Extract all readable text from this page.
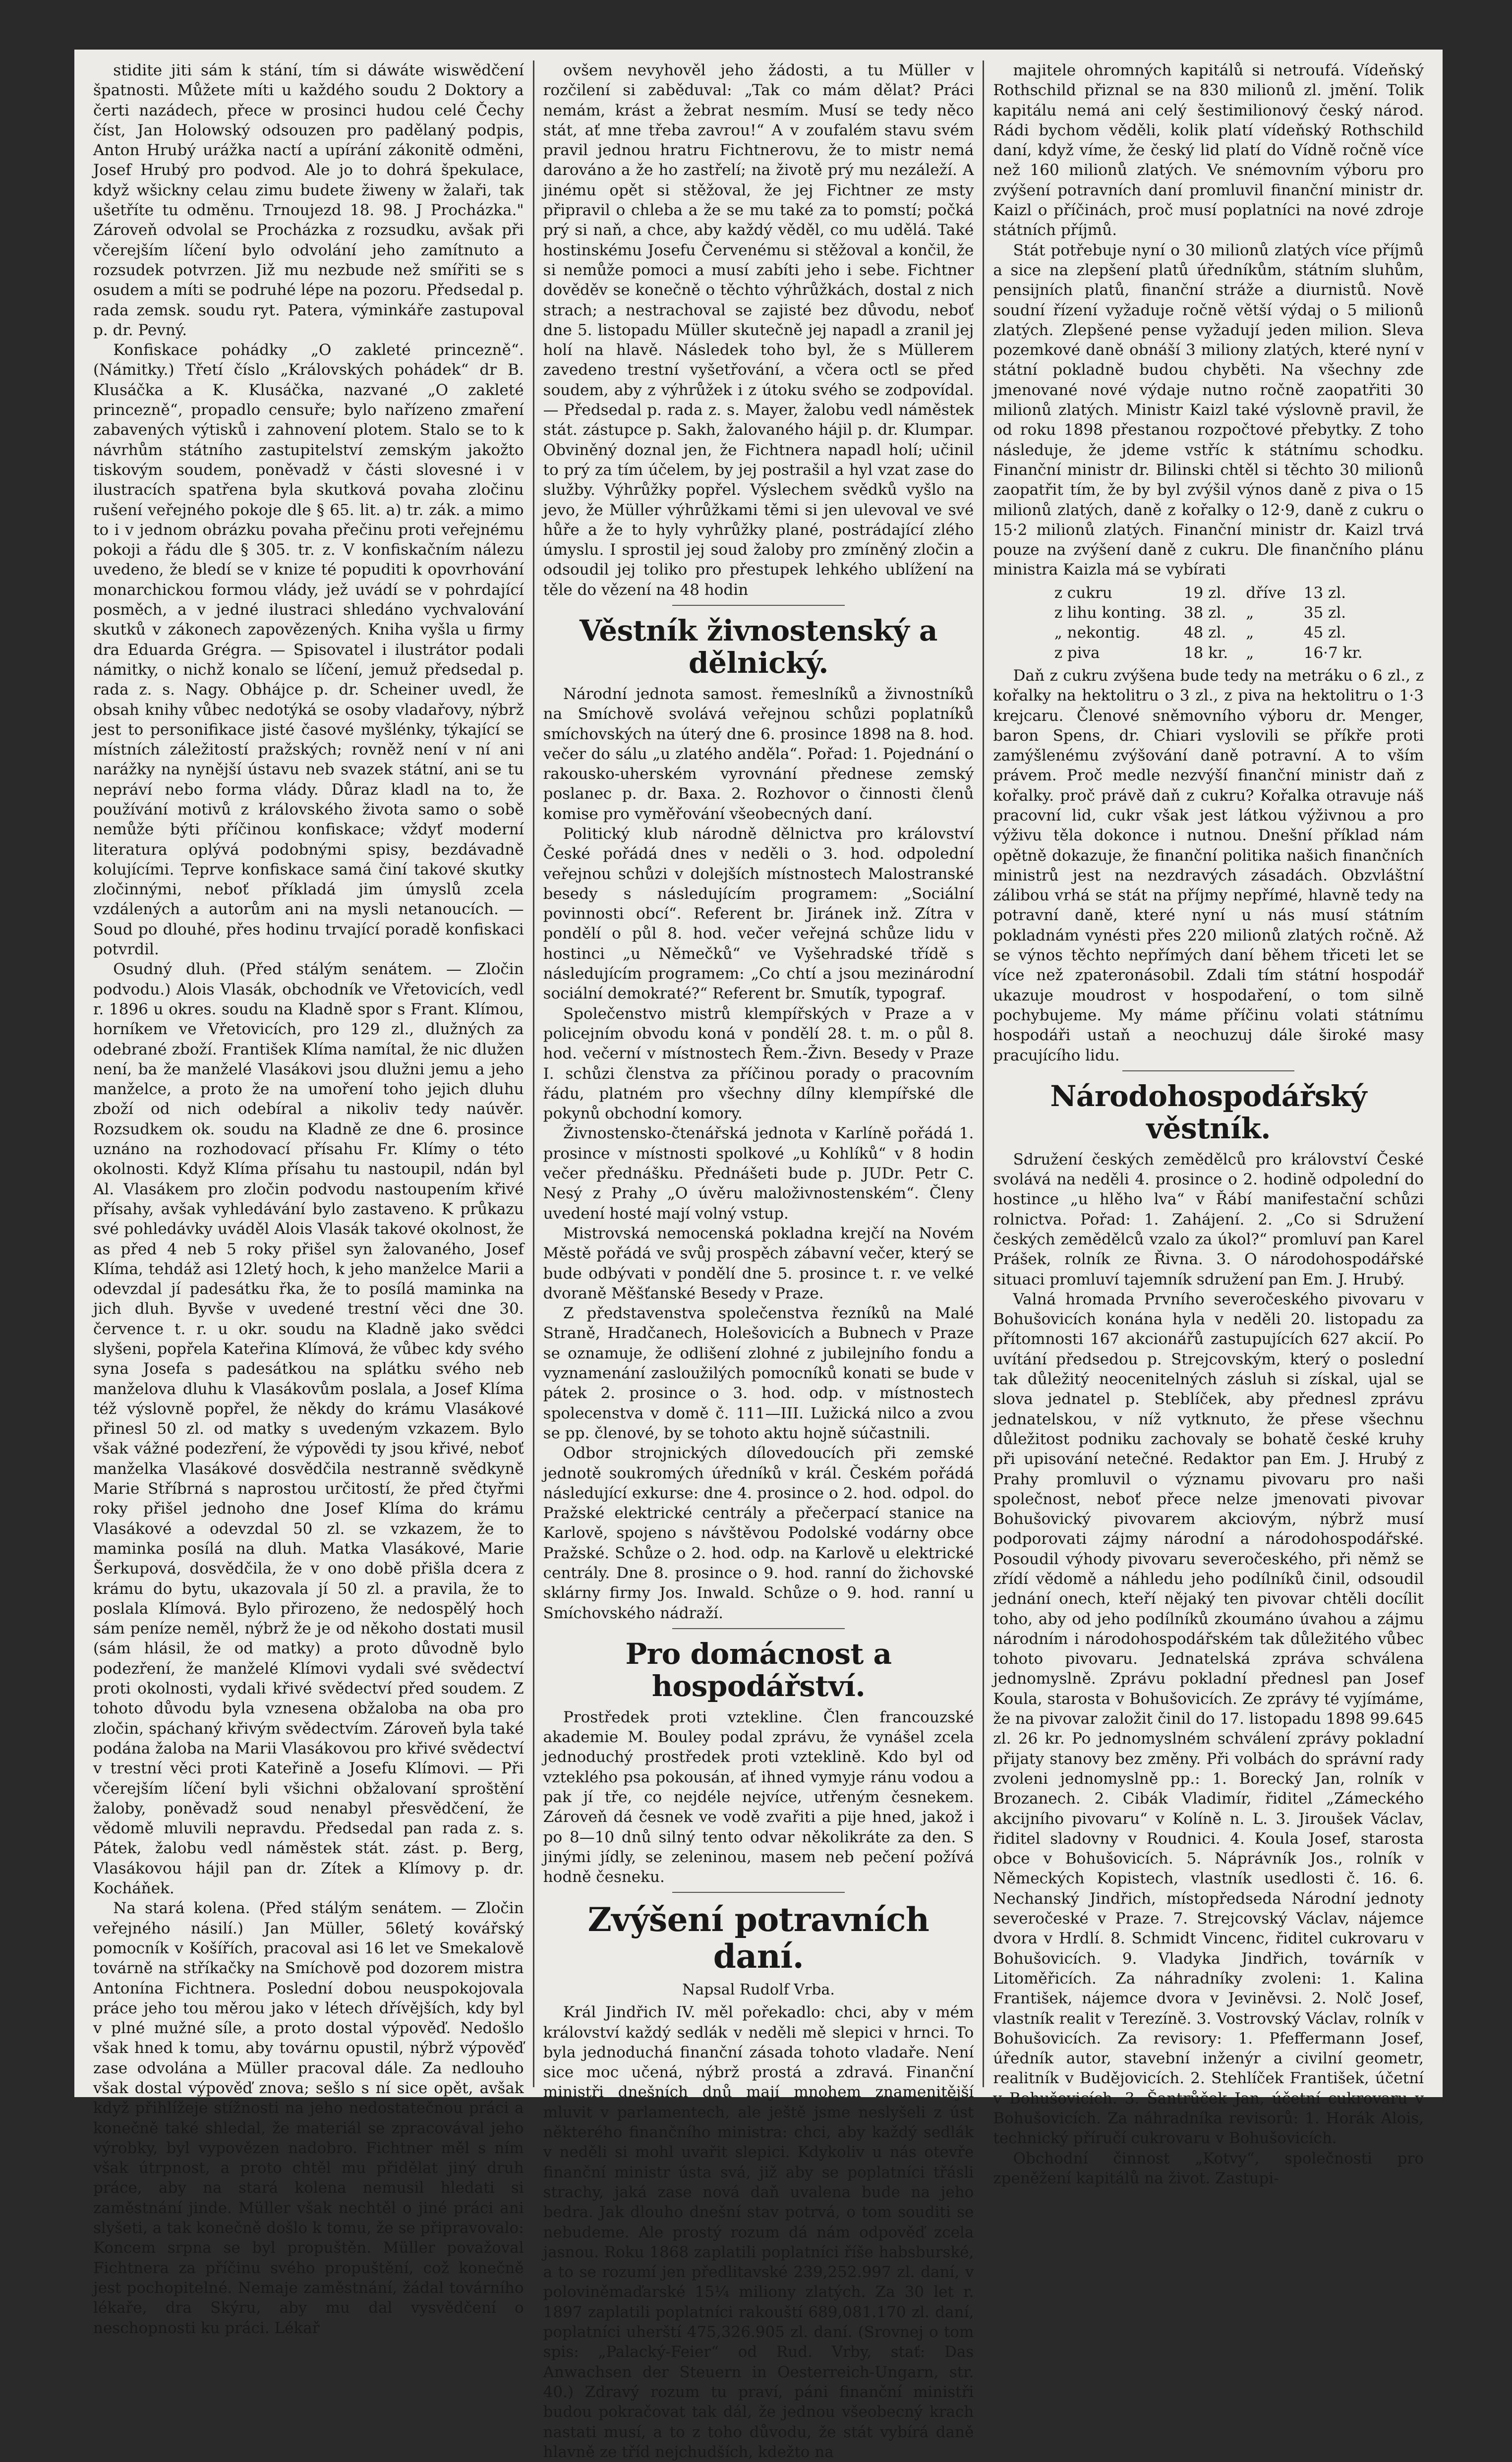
stidite jiti sám k stání, tím si dáwáte wiswědčení špatnosti. Můžete míti u každého soudu 2 Doktory a čerti nazádech, přece w prosinci hudou celé Čechy číst, Jan Holowský odsouzen pro padělaný podpis, Anton Hrubý urážka nactí a upírání zákonitě odměni, Josef Hrubý pro podvod. Ale jo to dohrá špekulace, když wšickny celau zimu budete žiweny w žalaři, tak ušetříte tu odměnu. Trnoujezd 18. 98. J Procházka." Zároveň odvolal se Procházka z rozsudku, avšak při včerejším líčení bylo odvolání jeho zamítnuto a rozsudek potvrzen. Již mu nezbude než smířiti se s osudem a míti se podruhé lépe na pozoru. Předsedal p. rada zemsk. soudu ryt. Patera, výminkáře zastupoval p. dr. Pevný.

Konfiskace pohádky „O zakleté princezně“. (Námitky.) Třetí číslo „Královských pohádek“ dr B. Klusáčka a K. Klusáčka, nazvané „O zakleté princezně“, propadlo censuře; bylo nařízeno zmaření zabavených výtisků i zahnovení plotem. Stalo se to k návrhům státního zastupitelství zemským jakožto tiskovým soudem, poněvadž v části slovesné i v ilustracích spatřena byla skutková povaha zločinu rušení veřejného pokoje dle § 65. lit. a) tr. zák. a mimo to i v jednom obrázku povaha přečinu proti veřejnému pokoji a řádu dle § 305. tr. z. V konfiskačním nálezu uvedeno, že bledí se v knize té popuditi k opovrhování monarchickou formou vlády, jež uvádí se v pohrdající posměch, a v jedné ilustraci shledáno vychvalování skutků v zákonech zapovězených. Kniha vyšla u firmy dra Eduarda Grégra. — Spisovatel i ilustrátor podali námitky, o nichž konalo se líčení, jemuž předsedal p. rada z. s. Nagy. Obhájce p. dr. Scheiner uvedl, že obsah knihy vůbec nedotýká se osoby vladařovy, nýbrž jest to personifikace jisté časové myšlénky, týkající se místních záležitostí pražských; rovněž není v ní ani narážky na nynější ústavu neb svazek státní, ani se tu nepráví nebo forma vlády. Důraz kladl na to, že používání motivů z královského života samo o sobě nemůže býti příčinou konfiskace; vždyť moderní literatura oplývá podobnými spisy, bezdávadně kolujícími. Teprve konfiskace samá činí takové skutky zločinnými, neboť příkladá jim úmyslů zcela vzdálených a autorům ani na mysli netanoucích. — Soud po dlouhé, přes hodinu trvající poradě konfiskaci potvrdil.

Osudný dluh. (Před stálým senátem. — Zločin podvodu.) Alois Vlasák, obchodník ve Vřetovicích, vedl r. 1896 u okres. soudu na Kladně spor s Frant. Klímou, horníkem ve Vřetovicích, pro 129 zl., dlužných za odebrané zboží. František Klíma namítal, že nic dlužen není, ba že manželé Vlasákovi jsou dlužni jemu a jeho manželce, a proto že na umoření toho jejich dluhu zboží od nich odebíral a nikoliv tedy naúvěr. Rozsudkem ok. soudu na Kladně ze dne 6. prosince uznáno na rozhodovací přísahu Fr. Klímy o této okolnosti. Když Klíma přísahu tu nastoupil, ndán byl Al. Vlasákem pro zločin podvodu nastoupením křivé přísahy, avšak vyhledávání bylo zastaveno. K průkazu své pohledávky uváděl Alois Vlasák takové okolnost, že as před 4 neb 5 roky přišel syn žalovaného, Josef Klíma, tehdáž asi 12letý hoch, k jeho manželce Marii a odevzdal jí padesátku řka, že to posílá maminka na jich dluh. Byvše v uvedené trestní věci dne 30. července t. r. u okr. soudu na Kladně jako svědci slyšeni, popřela Kateřina Klímová, že vůbec kdy svého syna Josefa s padesátkou na splátku svého neb manželova dluhu k Vlasákovům poslala, a Josef Klíma též výslovně popřel, že někdy do krámu Vlasákové přinesl 50 zl. od matky s uvedeným vzkazem. Bylo však vážné podezření, že výpovědi ty jsou křivé, neboť manželka Vlasákové dosvědčila nestranně svědkyně Marie Stříbrná s naprostou určitostí, že před čtyřmi roky přišel jednoho dne Josef Klíma do krámu Vlasákové a odevzdal 50 zl. se vzkazem, že to maminka posílá na dluh. Matka Vlasákové, Marie Šerkupová, dosvědčila, že v ono době přišla dcera z krámu do bytu, ukazovala jí 50 zl. a pravila, že to poslala Klímová. Bylo přirozeno, že nedospělý hoch sám peníze neměl, nýbrž že je od někoho dostati musil (sám hlásil, že od matky) a proto důvodně bylo podezření, že manželé Klímovi vydali své svědectví proti okolnosti, vydali křivé svědectví před soudem. Z tohoto důvodu byla vznesena obžaloba na oba pro zločin, spáchaný křivým svědectvím. Zároveň byla také podána žaloba na Marii Vlasákovou pro křivé svědectví v trestní věci proti Kateřině a Josefu Klímovi. — Při včerejším líčení byli všichni obžalovaní sproštění žaloby, poněvadž soud nenabyl přesvědčení, že vědomě mluvili nepravdu. Předsedal pan rada z. s. Pátek, žalobu vedl náměstek stát. zást. p. Berg, Vlasákovou hájil pan dr. Zítek a Klímovy p. dr. Kocháňek.

Na stará kolena. (Před stálým senátem. — Zločin veřejného násilí.) Jan Müller, 56letý kovářský pomocník v Košířích, pracoval asi 16 let ve Smekalově továrně na stříkačky na Smíchově pod dozorem mistra Antonína Fichtnera. Poslední dobou neuspokojovala práce jeho tou měrou jako v létech dřívějších, kdy byl v plné mužné síle, a proto dostal výpověď. Nedošlo však hned k tomu, aby továrnu opustil, nýbrž výpověď zase odvolána a Müller pracoval dále. Za nedlouho však dostal výpověď znova; sešlo s ní sice opět, avšak když přihlížeje stížnosti na jeho nedostatečnou práci a konečně také shledal, že materiál se zpracovával jeho výrobky, byl vypovězen nadobro. Fichtner měl s ním však útrpnost, a proto chtěl mu přidělat jiný druh práce, aby na stará kolena nemusil hledati si zaměstnání jinde. Müller však nechtěl o jiné práci ani slyšeti, a tak konečně došlo k tomu, že se připravovalo: Koncem srpna se byl propuštěn. Müller považoval Fichtnera za příčinu svého propuštění, což konečně jest pochopitelné. Nemaje zaměstnání, žádal továrního lékaře, dra Skýru, aby mu dal vysvědčení o neschopnosti ku práci. Lékař

ovšem nevyhověl jeho žádosti, a tu Müller v rozčilení si zaběduval: „Tak co mám dělat? Práci nemám, krást a žebrat nesmím. Musí se tedy něco stát, ať mne třeba zavrou!“ A v zoufalém stavu svém pravil jednou hratru Fichtnerovu, že to mistr nemá darováno a že ho zastřelí; na životě prý mu nezáleží. A jinému opět si stěžoval, že jej Fichtner ze msty připravil o chleba a že se mu také za to pomstí; počká prý si naň, a chce, aby každý věděl, co mu udělá. Také hostinskému Josefu Červenému si stěžoval a končil, že si nemůže pomoci a musí zabíti jeho i sebe. Fichtner dověděv se konečně o těchto výhrůžkách, dostal z nich strach; a nestrachoval se zajisté bez důvodu, neboť dne 5. listopadu Müller skutečně jej napadl a zranil jej holí na hlavě. Následek toho byl, že s Müllerem zavedeno trestní vyšetřování, a včera octl se před soudem, aby z výhrůžek i z útoku svého se zodpovídal. — Předsedal p. rada z. s. Mayer, žalobu vedl náměstek stát. zástupce p. Sakh, žalovaného hájil p. dr. Klumpar. Obviněný doznal jen, že Fichtnera napadl holí; učinil to prý za tím účelem, by jej postrašil a hyl vzat zase do služby. Výhrůžky popřel. Výslechem svědků vyšlo na jevo, že Müller výhrůžkami těmi si jen ulevoval ve své hůře a že to hyly vyhrůžky plané, postrádající zlého úmyslu. I sprostil jej soud žaloby pro zmíněný zločin a odsoudil jej toliko pro přestupek lehkého ublížení na těle do vězení na 48 hodin

Věstník živnostenský a dělnický.

Národní jednota samost. řemeslníků a živnostníků na Smíchově svolává veřejnou schůzi poplatníků smíchovských na úterý dne 6. prosince 1898 na 8. hod. večer do sálu „u zlatého anděla“. Pořad: 1. Pojednání o rakousko-uherském vyrovnání přednese zemský poslanec p. dr. Baxa. 2. Rozhovor o činnosti členů komise pro vyměřování všeobecných daní.

Politický klub národně dělnictva pro království České pořádá dnes v neděli o 3. hod. odpolední veřejnou schůzi v dolejších místnostech Malostranské besedy s následujícím programem: „Sociální povinnosti obcí“. Referent br. Jiránek inž. Zítra v pondělí o půl 8. hod. večer veřejná schůze lidu v hostinci „u Němečků“ ve Vyšehradské třídě s následujícím programem: „Co chtí a jsou mezinárodní sociální demokraté?“ Referent br. Smutík, typograf.

Společenstvo mistrů klempířských v Praze a v policejním obvodu koná v pondělí 28. t. m. o půl 8. hod. večerní v místnostech Řem.-Živn. Besedy v Praze I. schůzi členstva za příčinou porady o pracovním řádu, platném pro všechny dílny klempířské dle pokynů obchodní komory.

Živnostensko-čtenářská jednota v Karlíně pořádá 1. prosince v místnosti spolkové „u Kohlíků“ v 8 hodin večer přednášku. Přednášeti bude p. JUDr. Petr C. Nesý z Prahy „O úvěru maloživnostenském“. Členy uvedení hosté mají volný vstup.

Mistrovská nemocenská pokladna krejčí na Novém Městě pořádá ve svůj prospěch zábavní večer, který se bude odbývati v pondělí dne 5. prosince t. r. ve velké dvoraně Měšťanské Besedy v Praze.

Z představenstva společenstva řezníků na Malé Straně, Hradčanech, Holešovicích a Bubnech v Praze se oznamuje, že odlišení zlohné z jubilejního fondu a vyznamenání zasloužilých pomocníků konati se bude v pátek 2. prosince o 3. hod. odp. v místnostech spolecenstva v domě č. 111—III. Lužická nilco a zvou se pp. členové, by se tohoto aktu hojně súčastnili.

Odbor strojnických dílovedoucích při zemské jednotě soukromých úředníků v král. Českém pořádá následující exkurse: dne 4. prosince o 2. hod. odpol. do Pražské elektrické centrály a přečerpací stanice na Karlově, spojeno s návštěvou Podolské vodárny obce Pražské. Schůze o 2. hod. odp. na Karlově u elektrické centrály. Dne 8. prosince o 9. hod. ranní do žichovské sklárny firmy Jos. Inwald. Schůze o 9. hod. ranní u Smíchovského nádraží.

Pro domácnost a hospodářství.

Prostředek proti vztekline. Člen francouzské akademie M. Bouley podal zprávu, že vynášel zcela jednoduchý prostředek proti vzteklině. Kdo byl od vzteklého psa pokousán, ať ihned vymyje ránu vodou a pak jí tře, co nejdéle nejvíce, utřeným česnekem. Zároveň dá česnek ve vodě zvařiti a pije hned, jakož i po 8—10 dnů silný tento odvar několikráte za den. S jinými jídly, se zeleninou, masem neb pečení požívá hodně česneku.

Zvýšení potravních daní.
Napsal Rudolf Vrba.

Král Jindřich IV. měl pořekadlo: chci, aby v mém království každý sedlák v neděli mě slepici v hrnci. To byla jednoduchá finanční zásada tohoto vladaře. Není sice moc učená, nýbrž prostá a zdravá. Finanční ministři dnešních dnů mají mnohem znamenitější mluvit v parlamentech, ale ještě jsme neslyšeli z úst některého finančního ministra: chci, aby každý sedlák v neděli si mohl uvařit slepici. Kdykoliv u nás otevře finanční ministr ústa svá, již aby se poplatníci třásli strachy, jaká zase nová daň uvalena bude na jeho bedra. Jak dlouho dnešní stav potrvá, o tom souditi se nebudeme. Ale prostý rozum dá nám odpověď zcela jasnou. Roku 1868 zaplatili poplatníci říše habsburské, a to se rozumí jen předlitavské 239,252.997 zl. daní, v poloviněmaďarské 15¼ miliony zlatých. Za 30 let r. 1897 zaplatili poplatníci rakouští 689,081.170 zl. daní, poplatníci uherští 475,326.905 zl. daní. (Srovnej o tom spis: „Palacký-Feier“ od Rud. Vrby, stať: Das Anwachsen der Steuern in Oesterreich-Ungarn, str. 40.) Zdravý rozum tu praví, páni finanční ministři budou pokračovat tak dál, že jednou všeobecný krach nastati musí, a to z toho důvodu, že stát vybírá daně hlavně ze tříd nejchudších, kdežto na

majitele ohromných kapitálů si netroufá. Vídeňský Rothschild přiznal se na 830 milionů zl. jmění. Tolik kapitálu nemá ani celý šestimilionový český národ. Rádi bychom věděli, kolik platí vídeňský Rothschild daní, když víme, že český lid platí do Vídně ročně více než 160 milionů zlatých. Ve snémovním výboru pro zvýšení potravních daní promluvil finanční ministr dr. Kaizl o příčinách, proč musí poplatníci na nové zdroje státních příjmů.

Stát potřebuje nyní o 30 milionů zlatých více příjmů a sice na zlepšení platů úředníkům, státním sluhům, pensijních platů, finanční stráže a diurnistů. Nově soudní řízení vyžaduje ročně větší výdaj o 5 milionů zlatých. Zlepšené pense vyžadují jeden milion. Sleva pozemkové daně obnáší 3 miliony zlatých, které nyní v státní pokladně budou chyběti. Na všechny zde jmenované nové výdaje nutno ročně zaopatřiti 30 milionů zlatých. Ministr Kaizl také výslovně pravil, že od roku 1898 přestanou rozpočtové přebytky. Z toho následuje, že jdeme vstříc k státnímu schodku. Finanční ministr dr. Bilinski chtěl si těchto 30 milionů zaopatřit tím, že by byl zvýšil výnos daně z piva o 15 milionů zlatých, daně z kořalky o 12·9, daně z cukru o 15·2 milionů zlatých. Finanční ministr dr. Kaizl trvá pouze na zvýšení daně z cukru. Dle finančního plánu ministra Kaizla má se vybírati

z cukru	19 zl.	dříve	13 zl.
z lihu konting.	38 zl.	„	35 zl.
„ nekontig.	48 zl.	„	45 zl.
z piva	18 kr.	„	16·7 kr.

Daň z cukru zvýšena bude tedy na metráku o 6 zl., z kořalky na hektolitru o 3 zl., z piva na hektolitru o 1·3 krejcaru. Členové sněmovního výboru dr. Menger, baron Spens, dr. Chiari vyslovili se příkře proti zamýšlenému zvýšování daně potravní. A to vším právem. Proč medle nezvýší finanční ministr daň z kořalky. proč právě daň z cukru? Kořalka otravuje náš pracovní lid, cukr však jest látkou výživnou a pro výživu těla dokonce i nutnou. Dnešní příklad nám opětně dokazuje, že finanční politika našich finančních ministrů jest na nezdravých zásadách. Obzvláštní zálibou vrhá se stát na příjmy nepřímé, hlavně tedy na potravní daně, které nyní u nás musí státním pokladnám vynésti přes 220 milionů zlatých ročně. Až se výnos těchto nepřímých daní během třiceti let se více než zpateronásobil. Zdali tím státní hospodář ukazuje moudrost v hospodaření, o tom silně pochybujeme. My máme příčinu volati státnímu hospodáři ustaň a neochuzuj dále široké masy pracujícího lidu.

Národohospodářský věstník.

Sdružení českých zemědělců pro království České svolává na neděli 4. prosince o 2. hodině odpolední do hostince „u hlěho lva“ v Řábí manifestační schůzi rolnictva. Pořad: 1. Zahájení. 2. „Co si Sdružení českých zemědělců vzalo za úkol?“ promluví pan Karel Prášek, rolník ze Řivna. 3. O národohospodářské situaci promluví tajemník sdružení pan Em. J. Hrubý.

Valná hromada Prvního severočeského pivovaru v Bohušovicích konána hyla v neděli 20. listopadu za přítomnosti 167 akcionářů zastupujících 627 akcií. Po uvítání předsedou p. Strejcovským, který o poslední tak důležitý neocenitelných zásluh si získal, ujal se slova jednatel p. Steblíček, aby přednesl zprávu jednatelskou, v níž vytknuto, že přese všechnu důležitost podniku zachovaly se bohatě české kruhy při upisování netečné. Redaktor pan Em. J. Hrubý z Prahy promluvil o významu pivovaru pro naši společnost, neboť přece nelze jmenovati pivovar Bohušovický pivovarem akciovým, nýbrž musí podporovati zájmy národní a národohospodářské. Posoudil výhody pivovaru severočeského, při němž se zřídí vědomě a náhledu jeho podílníků činil, odsoudil jednání onech, kteří nějaký ten pivovar chtěli docílit toho, aby od jeho podílníků zkoumáno úvahou a zájmu národním i národohospodářském tak důležitého vůbec tohoto pivovaru. Jednatelská zpráva schválena jednomyslně. Zprávu pokladní přednesl pan Josef Koula, starosta v Bohušovicích. Ze zprávy té vyjímáme, že na pivovar založit činil do 17. listopadu 1898 99.645 zl. 26 kr. Po jednomyslném schválení zprávy pokladní přijaty stanovy bez změny. Při volbách do správní rady zvoleni jednomyslně pp.: 1. Borecký Jan, rolník v Brozanech. 2. Cibák Vladimír, řiditel „Zámeckého akcijního pivovaru“ v Kolíně n. L. 3. Jiroušek Václav, řiditel sladovny v Roudnici. 4. Koula Josef, starosta obce v Bohušovicích. 5. Náprávník Jos., rolník v Německých Kopistech, vlastník usedlosti č. 16. 6. Nechanský Jindřich, místopředseda Národní jednoty severočeské v Praze. 7. Strejcovský Václav, nájemce dvora v Hrdlí. 8. Schmidt Vincenc, řiditel cukrovaru v Bohušovicích. 9. Vladyka Jindřich, továrník v Litoměřicích. Za náhradníky zvoleni: 1. Kalina František, nájemce dvora v Jeviněvsi. 2. Nolč Josef, vlastník realit v Terezíně. 3. Vostrovský Václav, rolník v Bohušovicích. Za revisory: 1. Pfeffermann Josef, úředník autor, stavební inženýr a civilní geometr, realitník v Budějovicích. 2. Stehlíček František, účetní v Bohušovicích. 3. Šantrůček Jan, účetní cukrovaru v Bohušovicích. Za náhradníka revisorů: 1. Horák Alois, technický příručí cukrovaru v Bohušovicích.

Obchodní činnost „Kotvy“, společnosti pro zpeněžení kapitálů na život. Zastupi-
